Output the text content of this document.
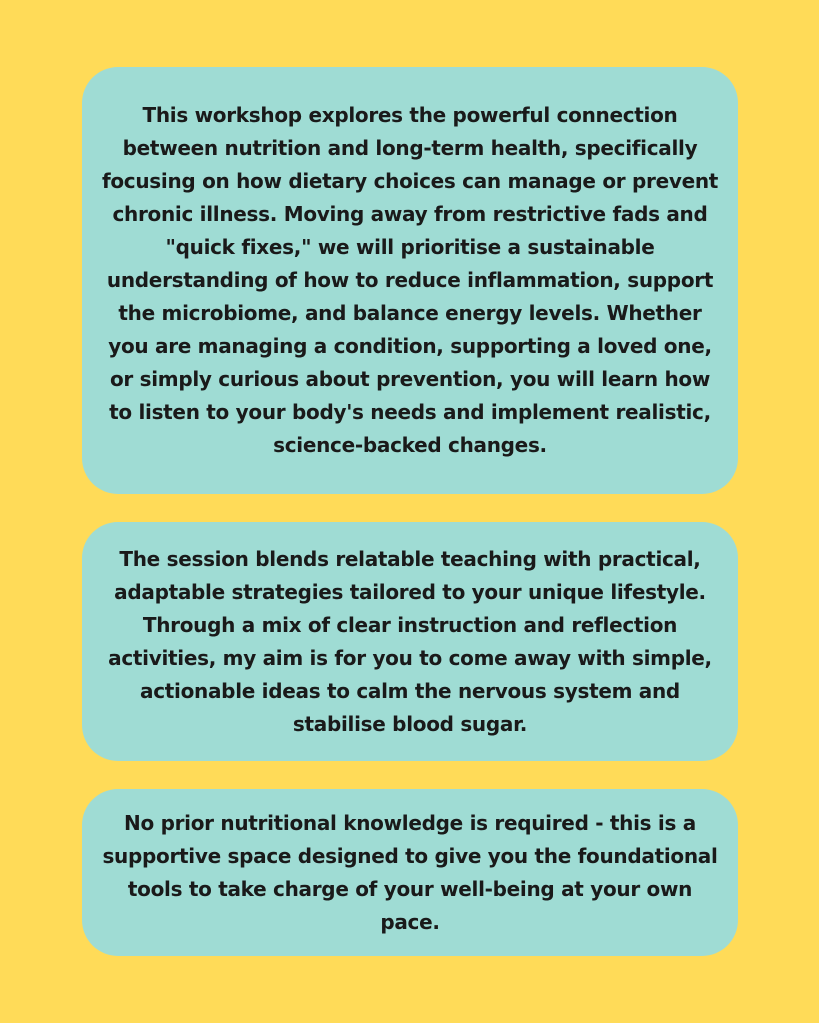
This workshop explores the powerful connection between nutrition and long-term health, specifically focusing on how dietary choices can manage or prevent chronic illness. Moving away from restrictive fads and "quick fixes," we will prioritise a sustainable understanding of how to reduce inflammation, support the microbiome, and balance energy levels. Whether you are managing a condition, supporting a loved one, or simply curious about prevention, you will learn how to listen to your body's needs and implement realistic, science-backed changes.

The session blends relatable teaching with practical, adaptable strategies tailored to your unique lifestyle. Through a mix of clear instruction and reflection activities, my aim is for you to come away with simple, actionable ideas to calm the nervous system and stabilise blood sugar.

No prior nutritional knowledge is required - this is a supportive space designed to give you the foundational tools to take charge of your well-being at your own pace.
